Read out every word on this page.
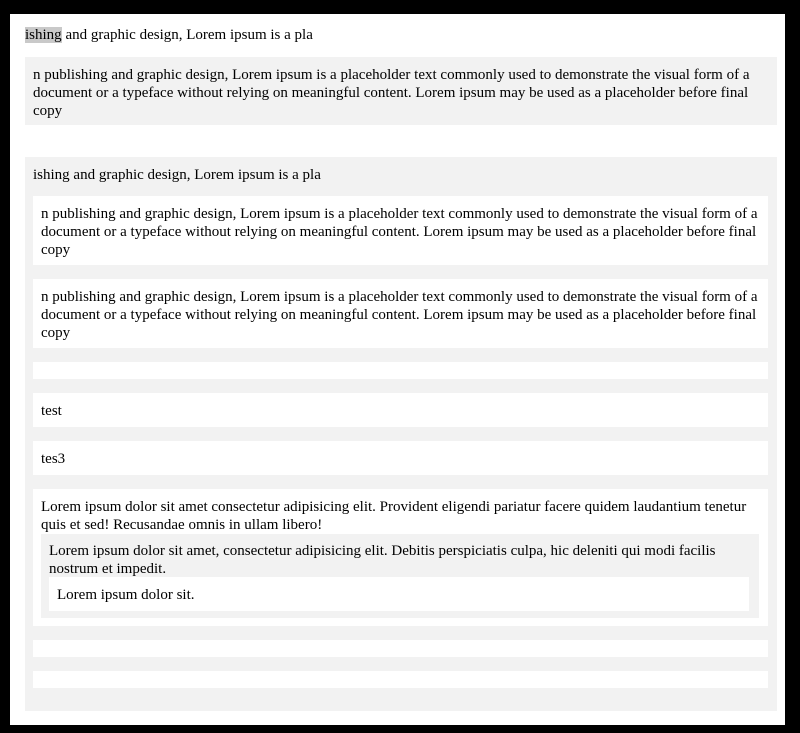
ishing and graphic design, Lorem ipsum is a pla

n publishing and graphic design, Lorem ipsum is a placeholder text commonly used to demonstrate the visual form of a document or a typeface without relying on meaningful content. Lorem ipsum may be used as a placeholder before final copy

ishing and graphic design, Lorem ipsum is a pla

n publishing and graphic design, Lorem ipsum is a placeholder text commonly used to demonstrate the visual form of a document or a typeface without relying on meaningful content. Lorem ipsum may be used as a placeholder before final copy

n publishing and graphic design, Lorem ipsum is a placeholder text commonly used to demonstrate the visual form of a document or a typeface without relying on meaningful content. Lorem ipsum may be used as a placeholder before final copy

test

tes3

Lorem ipsum dolor sit amet consectetur adipisicing elit. Provident eligendi pariatur facere quidem laudantium tenetur quis et sed! Recusandae omnis in ullam libero!

Lorem ipsum dolor sit amet, consectetur adipisicing elit. Debitis perspiciatis culpa, hic deleniti qui modi facilis nostrum et impedit.

Lorem ipsum dolor sit.
